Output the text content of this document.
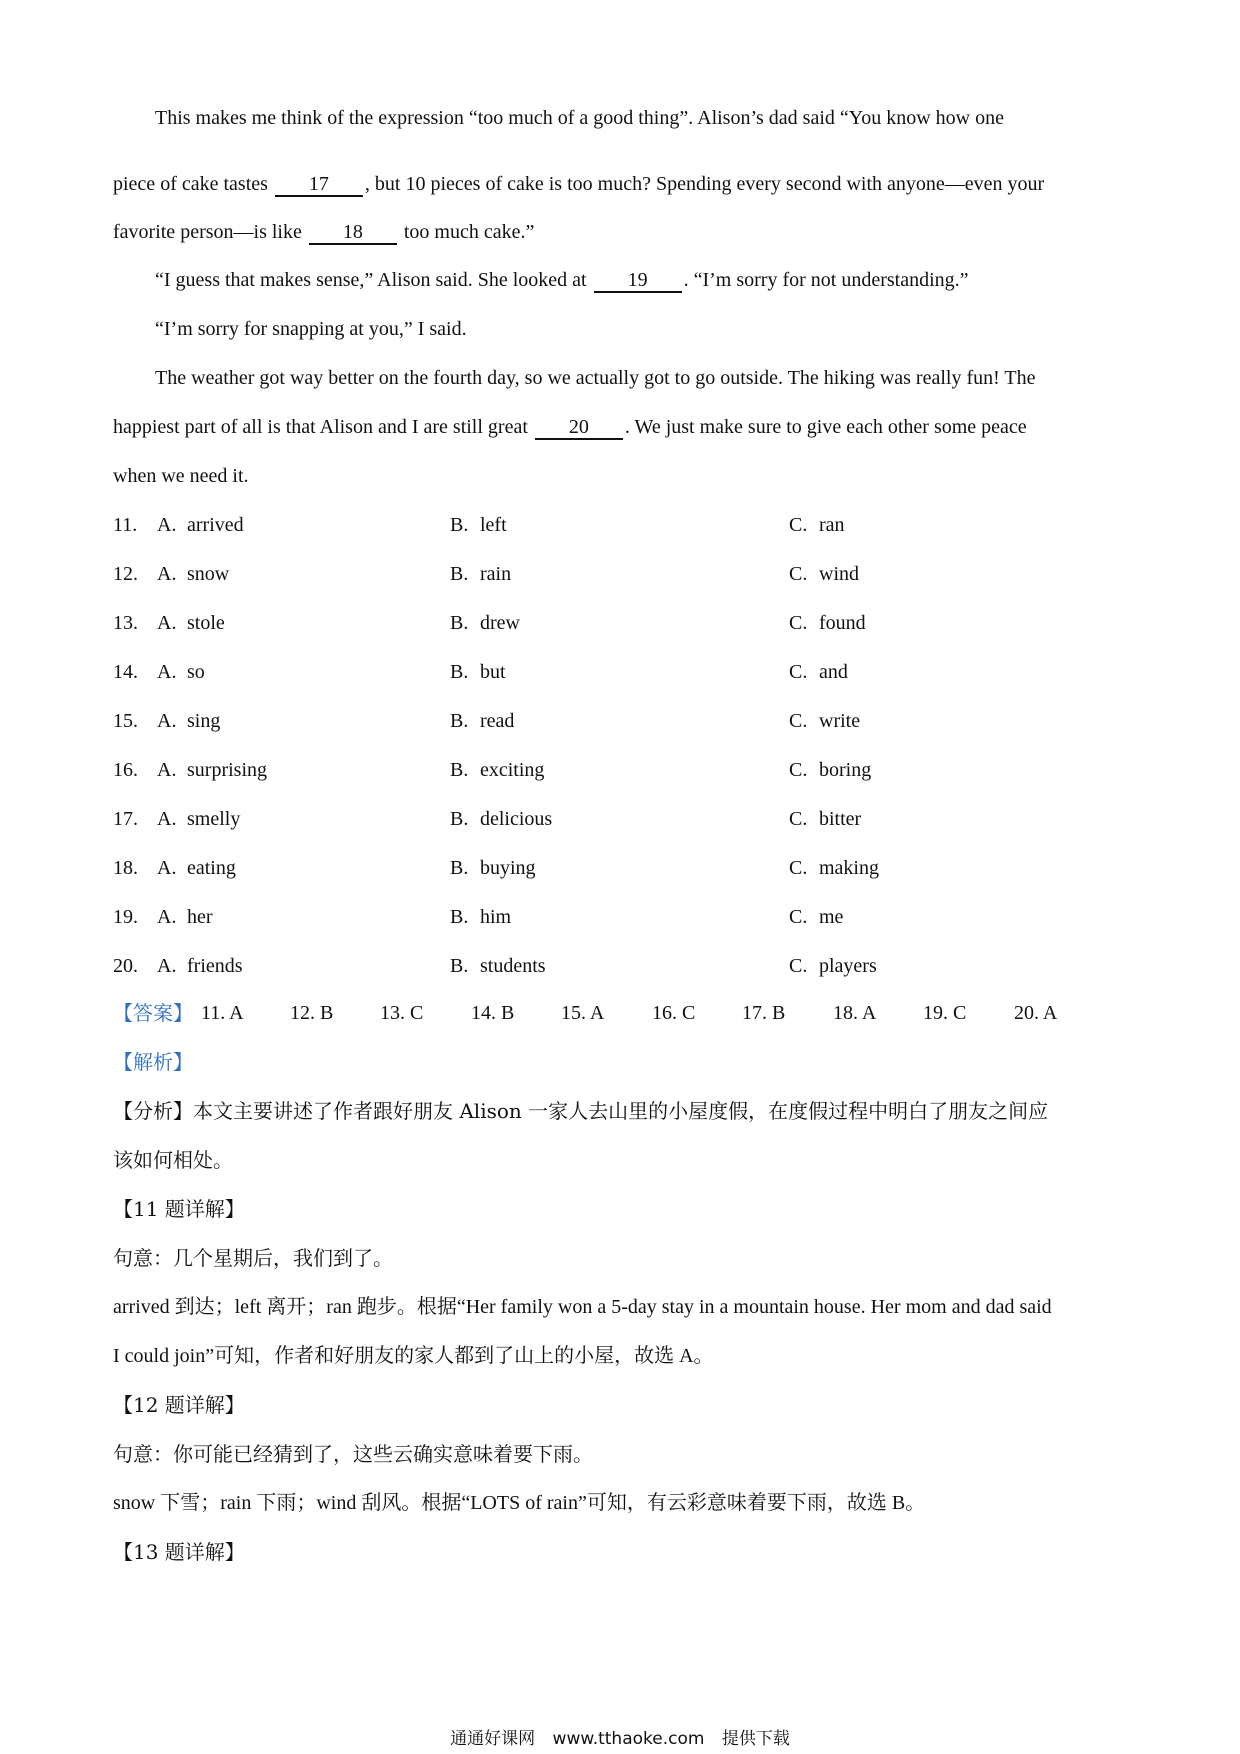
This makes me think of the expression “too much of a good thing”. Alison’s dad said “You know how one
piece of cake tastes 17 , but 10 pieces of cake is too much? Spending every second with anyone—even your
favorite person—is like 18 too much cake.”
“I guess that makes sense,” Alison said. She looked at 19 . “I’m sorry for not understanding.”
“I’m sorry for snapping at you,” I said.
The weather got way better on the fourth day, so we actually got to go outside. The hiking was really fun! The
happiest part of all is that Alison and I are still great 20 . We just make sure to give each other some peace
when we need it.
11. A. arrived	B. left	C. ran
12. A. snow	B. rain	C. wind
13. A. stole	B. drew	C. found
14. A. so	B. but	C. and
15. A. sing	B. read	C. write
16. A. surprising	B. exciting	C. boring
17. A. smelly	B. delicious	C. bitter
18. A. eating	B. buying	C. making
19. A. her	B. him	C. me
20. A. friends	B. students	C. players
【答案】 11. A 12. B 13. C 14. B 15. A 16. C 17. B 18. A 19. C 20. A
【解析】
【分析】本文主要讲述了作者跟好朋友 Alison 一家人去山里的小屋度假，在度假过程中明白了朋友之间应
该如何相处。
【11 题详解】
句意：几个星期后，我们到了。
arrived 到达；left 离开；ran 跑步。根据“Her family won a 5-day stay in a mountain house. Her mom and dad said
I could join”可知，作者和好朋友的家人都到了山上的小屋，故选 A。
【12 题详解】
句意：你可能已经猜到了，这些云确实意味着要下雨。
snow 下雪；rain 下雨；wind 刮风。根据“LOTS of rain”可知，有云彩意味着要下雨，故选 B。
【13 题详解】
通通好课网 www.tthaoke.com 提供下载
